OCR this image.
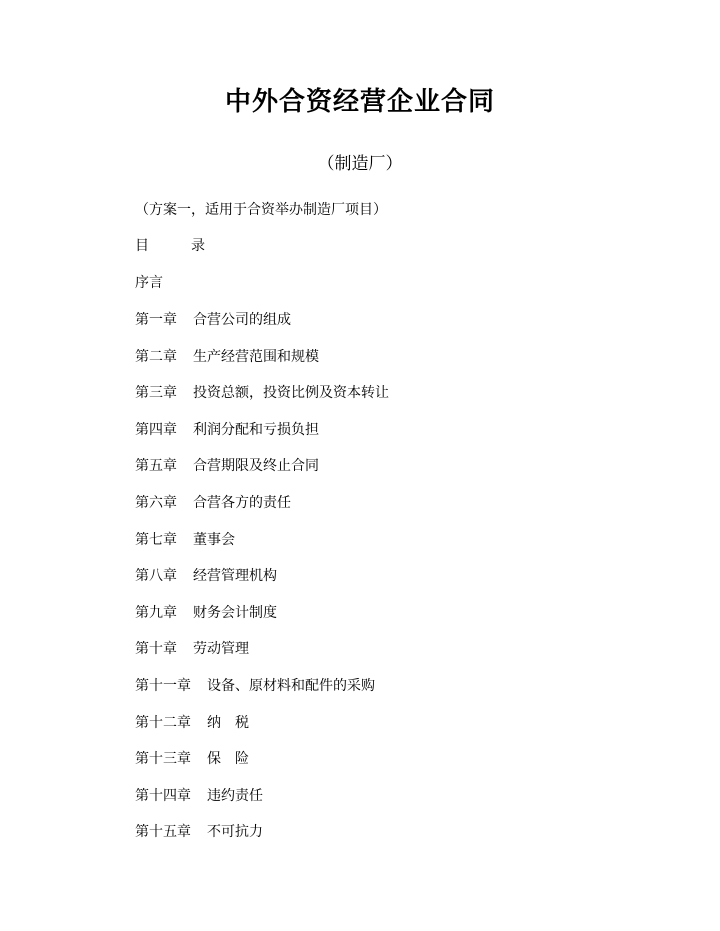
中外合资经营企业合同
（制造厂）
（方案一，适用于合资举办制造厂项目）
目　　　录
序言
第一章 合营公司的组成
第二章 生产经营范围和规模
第三章 投资总额，投资比例及资本转让
第四章 利润分配和亏损负担
第五章 合营期限及终止合同
第六章 合营各方的责任
第七章 董事会
第八章 经营管理机构
第九章 财务会计制度
第十章 劳动管理
第十一章 设备、原材料和配件的采购
第十二章 纳　税
第十三章 保　险
第十四章 违约责任
第十五章 不可抗力
